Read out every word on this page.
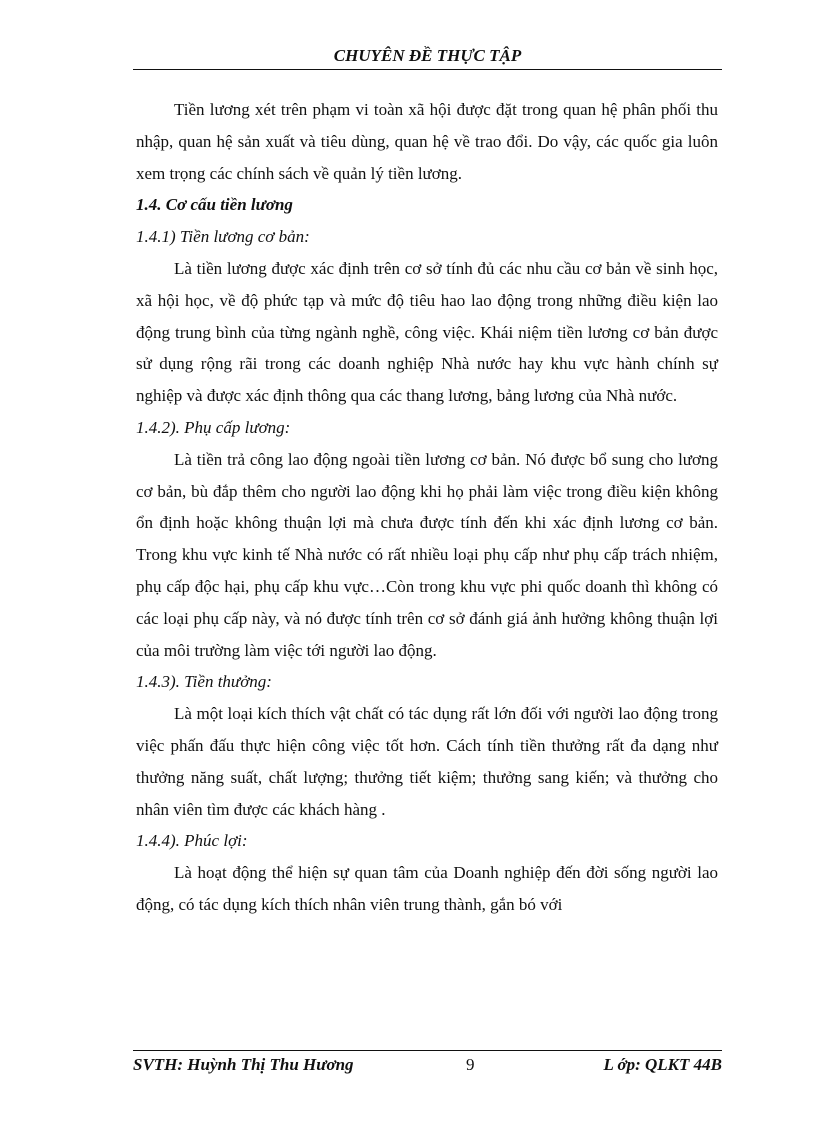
CHUYÊN ĐỀ THỰC TẬP

Tiền lương xét trên phạm vi toàn xã hội được đặt trong quan hệ phân phối thu nhập, quan hệ sản xuất và tiêu dùng, quan hệ về trao đổi. Do vậy, các quốc gia luôn xem trọng các chính sách về quản lý tiền lương.

1.4. Cơ cấu tiền lương

1.4.1) Tiền lương cơ bản:

Là tiền lương được xác định trên cơ sở tính đủ các nhu cầu cơ bản về sinh học, xã hội học, về độ phức tạp và mức độ tiêu hao lao động trong những điều kiện lao động trung bình của từng ngành nghề, công việc. Khái niệm tiền lương cơ bản được sử dụng rộng rãi trong các doanh nghiệp Nhà nước hay khu vực hành chính sự nghiệp và được xác định thông qua các thang lương, bảng lương của Nhà nước.

1.4.2). Phụ cấp lương:

Là tiền trả công lao động ngoài tiền lương cơ bản. Nó được bổ sung cho lương cơ bản, bù đắp thêm cho người lao động khi họ phải làm việc trong điều kiện không ổn định hoặc không thuận lợi mà chưa được tính đến khi xác định lương cơ bản. Trong khu vực kinh tế Nhà nước có rất nhiều loại phụ cấp như phụ cấp trách nhiệm, phụ cấp độc hại, phụ cấp khu vực…Còn trong khu vực phi quốc doanh thì không có các loại phụ cấp này, và nó được tính trên cơ sở đánh giá ảnh hưởng không thuận lợi của môi trường làm việc tới người lao động.

1.4.3). Tiền thưởng:

Là một loại kích thích vật chất có tác dụng rất lớn đối với người lao động trong việc phấn đấu thực hiện công việc tốt hơn. Cách tính tiền thưởng rất đa dạng như thưởng năng suất, chất lượng; thưởng tiết kiệm; thưởng sang kiến; và thưởng cho nhân viên tìm được các khách hàng .

1.4.4). Phúc lợi:

Là hoạt động thể hiện sự quan tâm của Doanh nghiệp đến đời sống người lao động, có tác dụng kích thích nhân viên trung thành, gắn bó với

SVTH: Huỳnh Thị Thu Hương	9	L ớp: QLKT 44B
